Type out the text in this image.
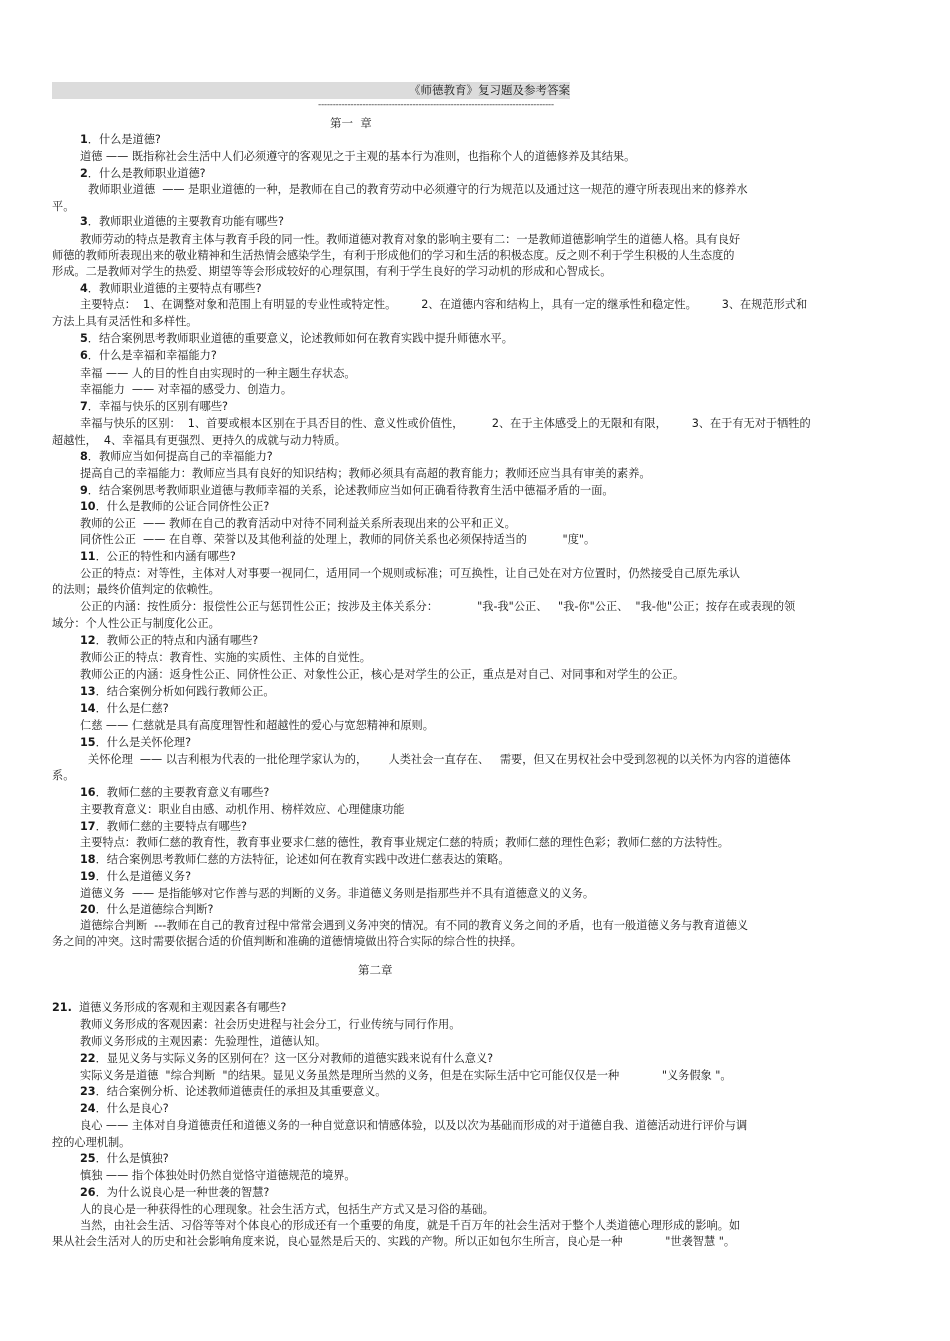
《师德教育》复习题及参考答案
--------------------------------------------------------------------------------
第一  章
第二章
1．什么是道德?
道德 —— 既指称社会生活中人们必须遵守的客观见之于主观的基本行为准则，也指称个人的道德修养及其结果。
2．什么是教师职业道德?
教师职业道德  —— 是职业道德的一种，是教师在自己的教育劳动中必须遵守的行为规范以及通过这一规范的遵守所表现出来的修养水
平。
3．教师职业道德的主要教育功能有哪些?
教师劳动的特点是教育主体与教育手段的同一性。教师道德对教育对象的影响主要有二：一是教师道德影响学生的道德人格。具有良好
师德的教师所表现出来的敬业精神和生活热情会感染学生，有利于形成他们的学习和生活的积极态度。反之则不利于学生积极的人生态度的
形成。二是教师对学生的热爱、期望等等会形成较好的心理氛围，有利于学生良好的学习动机的形成和心智成长。
4．教师职业道德的主要特点有哪些?
主要特点：  1、在调整对象和范围上有明显的专业性或特定性。       2、在道德内容和结构上，具有一定的继承性和稳定性。       3、在规范形式和
方法上具有灵活性和多样性。
5．结合案例思考教师职业道德的重要意义，论述教师如何在教育实践中提升师德水平。
6．什么是幸福和幸福能力?
幸福 —— 人的目的性自由实现时的一种主题生存状态。
幸福能力  —— 对幸福的感受力、创造力。
7．幸福与快乐的区别有哪些?
幸福与快乐的区别：  1、首要或根本区别在于具否目的性、意义性或价值性，        2、在于主体感受上的无限和有限，       3、在于有无对于牺牲的
超越性，  4、幸福具有更强烈、更持久的成就与动力特质。
8．教师应当如何提高自己的幸福能力?
提高自己的幸福能力：教师应当具有良好的知识结构；教师必须具有高超的教育能力；教师还应当具有审美的素养。
9．结合案例思考教师职业道德与教师幸福的关系，论述教师应当如何正确看待教育生活中德福矛盾的一面。
10．什么是教师的公证合同侪性公正?
教师的公正  —— 教师在自己的教育活动中对待不同利益关系所表现出来的公平和正义。
同侪性公正  —— 在自尊、荣誉以及其他利益的处理上，教师的同侪关系也必须保持适当的          "度"。
11．公正的特性和内涵有哪些?
公正的特点：对等性，主体对人对事要一视同仁，适用同一个规则或标准；可互换性，让自己处在对方位置时，仍然接受自己原先承认
的法则；最终价值判定的依赖性。
公正的内涵：按性质分：报偿性公正与惩罚性公正；按涉及主体关系分：           "我-我"公正、   "我-你"公正、  "我-他"公正；按存在或表现的领
域分：个人性公正与制度化公正。
12．教师公正的特点和内涵有哪些?
教师公正的特点：教育性、实施的实质性、主体的自觉性。
教师公正的内涵：返身性公正、同侪性公正、对象性公正，核心是对学生的公正，重点是对自己、对同事和对学生的公正。
13．结合案例分析如何践行教师公正。
14．什么是仁慈?
仁慈 —— 仁慈就是具有高度理智性和超越性的爱心与宽恕精神和原则。
15．什么是关怀伦理?
关怀伦理  —— 以吉利根为代表的一批伦理学家认为的，      人类社会一直存在、   需要，但又在男权社会中受到忽视的以关怀为内容的道德体
系。
16．教师仁慈的主要教育意义有哪些?
主要教育意义：职业自由感、动机作用、榜样效应、心理健康功能
17．教师仁慈的主要特点有哪些?
主要特点：教师仁慈的教育性，教育事业要求仁慈的德性，教育事业规定仁慈的特质；教师仁慈的理性色彩；教师仁慈的方法特性。
18．结合案例思考教师仁慈的方法特征，论述如何在教育实践中改进仁慈表达的策略。
19．什么是道德义务?
道德义务  —— 是指能够对它作善与恶的判断的义务。非道德义务则是指那些并不具有道德意义的义务。
20．什么是道德综合判断?
道德综合判断  ---教师在自己的教育过程中常常会遇到义务冲突的情况。有不同的教育义务之间的矛盾，也有一般道德义务与教育道德义
务之间的冲突。这时需要依据合适的价值判断和准确的道德情境做出符合实际的综合性的抉择。
21.  道德义务形成的客观和主观因素各有哪些?
教师义务形成的客观因素：社会历史进程与社会分工，行业传统与同行作用。
教师义务形成的主观因素：先验理性，道德认知。
22．显见义务与实际义务的区别何在？这一区分对教师的道德实践来说有什么意义?
实际义务是道德  "综合判断  "的结果。显见义务虽然是理所当然的义务，但是在实际生活中它可能仅仅是一种            "义务假象 "。
23．结合案例分析、论述教师道德责任的承担及其重要意义。
24．什么是良心?
良心 —— 主体对自身道德责任和道德义务的一种自觉意识和情感体验，以及以次为基础而形成的对于道德自我、道德活动进行评价与调
控的心理机制。
25．什么是慎独?
慎独 —— 指个体独处时仍然自觉恪守道德规范的境界。
26．为什么说良心是一种世袭的智慧?
人的良心是一种获得性的心理现象。社会生活方式，包括生产方式又是习俗的基础。
当然，由社会生活、习俗等等对个体良心的形成还有一个重要的角度，就是千百万年的社会生活对于整个人类道德心理形成的影响。如
果从社会生活对人的历史和社会影响角度来说，良心显然是后天的、实践的产物。所以正如包尔生所言，良心是一种            "世袭智慧 "。
